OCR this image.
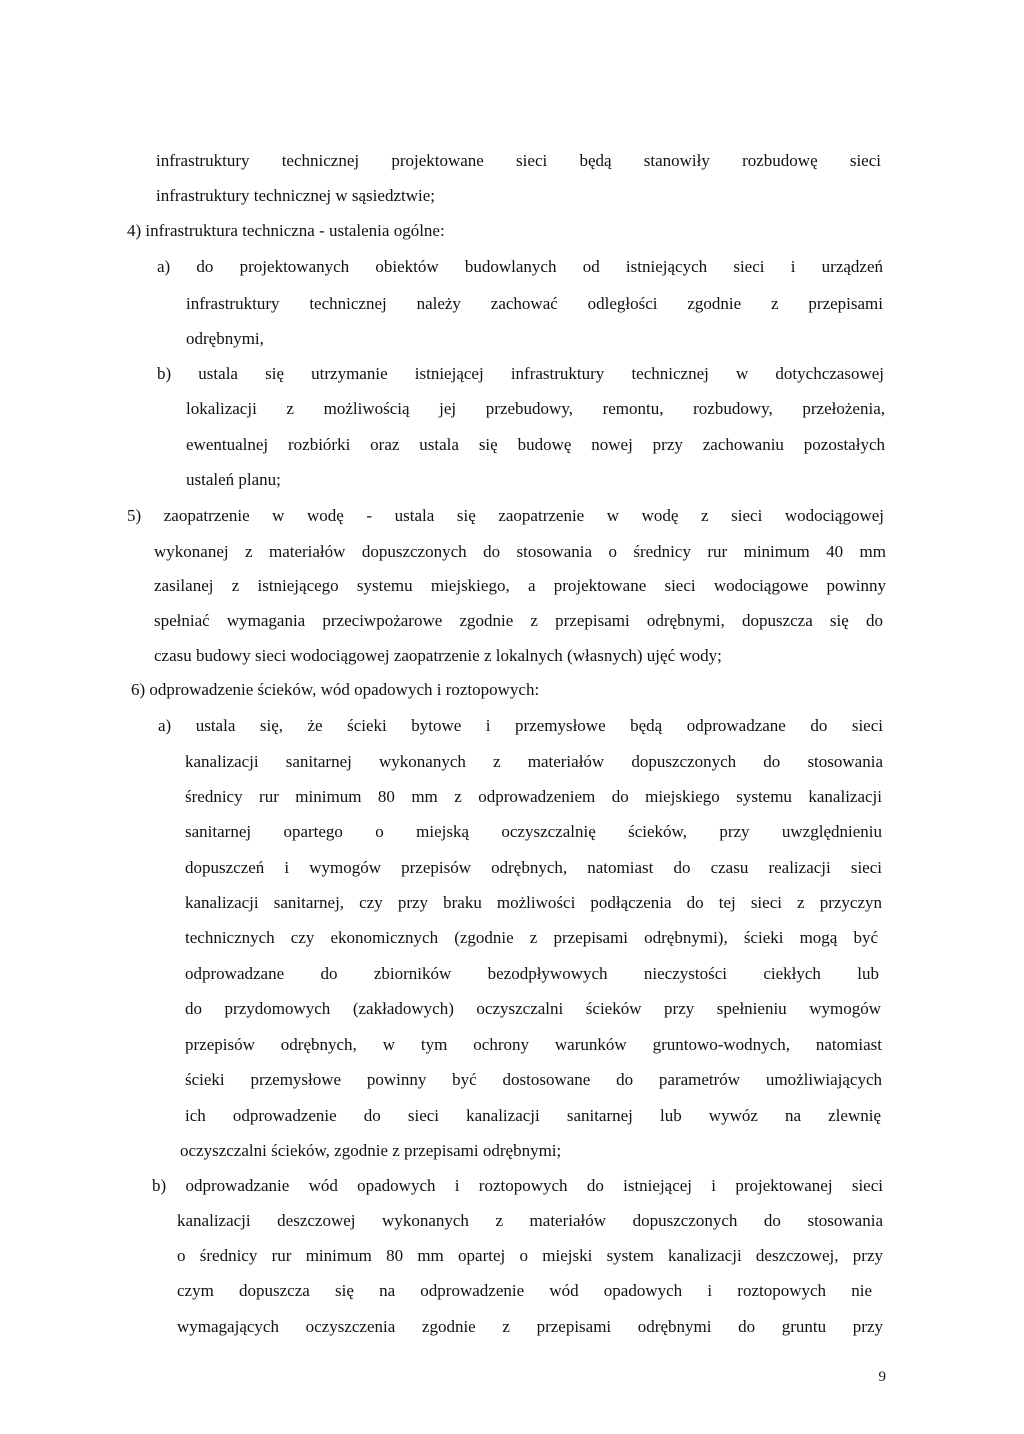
infrastruktury technicznej projektowane sieci będą stanowiły rozbudowę sieci
infrastruktury technicznej w sąsiedztwie;
4) infrastruktura techniczna - ustalenia ogólne:
a) do projektowanych obiektów budowlanych od istniejących sieci i urządzeń
infrastruktury technicznej należy zachować odległości zgodnie z przepisami
odrębnymi,
b) ustala się utrzymanie istniejącej infrastruktury technicznej w dotychczasowej
lokalizacji z możliwością jej przebudowy, remontu, rozbudowy, przełożenia,
ewentualnej rozbiórki oraz ustala się budowę nowej przy zachowaniu pozostałych
ustaleń planu;
5) zaopatrzenie w wodę - ustala się zaopatrzenie w wodę z sieci wodociągowej
wykonanej z materiałów dopuszczonych do stosowania o średnicy rur minimum 40 mm
zasilanej z istniejącego systemu miejskiego, a projektowane sieci wodociągowe powinny
spełniać wymagania przeciwpożarowe zgodnie z przepisami odrębnymi, dopuszcza się do
czasu budowy sieci wodociągowej zaopatrzenie z lokalnych (własnych) ujęć wody;
6) odprowadzenie ścieków, wód opadowych i roztopowych:
a) ustala się, że ścieki bytowe i przemysłowe będą odprowadzane do sieci
kanalizacji sanitarnej wykonanych z materiałów dopuszczonych do stosowania
średnicy rur minimum 80 mm z odprowadzeniem do miejskiego systemu kanalizacji
sanitarnej opartego o miejską oczyszczalnię ścieków, przy uwzględnieniu
dopuszczeń i wymogów przepisów odrębnych, natomiast do czasu realizacji sieci
kanalizacji sanitarnej, czy przy braku możliwości podłączenia do tej sieci z przyczyn
technicznych czy ekonomicznych (zgodnie z przepisami odrębnymi), ścieki mogą być
odprowadzane do zbiorników bezodpływowych nieczystości ciekłych lub
do przydomowych (zakładowych) oczyszczalni ścieków przy spełnieniu wymogów
przepisów odrębnych, w tym ochrony warunków gruntowo-wodnych, natomiast
ścieki przemysłowe powinny być dostosowane do parametrów umożliwiających
ich odprowadzenie do sieci kanalizacji sanitarnej lub wywóz na zlewnię
oczyszczalni ścieków, zgodnie z przepisami odrębnymi;
b) odprowadzanie wód opadowych i roztopowych do istniejącej i projektowanej sieci
kanalizacji deszczowej wykonanych z materiałów dopuszczonych do stosowania
o średnicy rur minimum 80 mm opartej o miejski system kanalizacji deszczowej, przy
czym dopuszcza się na odprowadzenie wód opadowych i roztopowych nie
wymagających oczyszczenia zgodnie z przepisami odrębnymi do gruntu przy
9
